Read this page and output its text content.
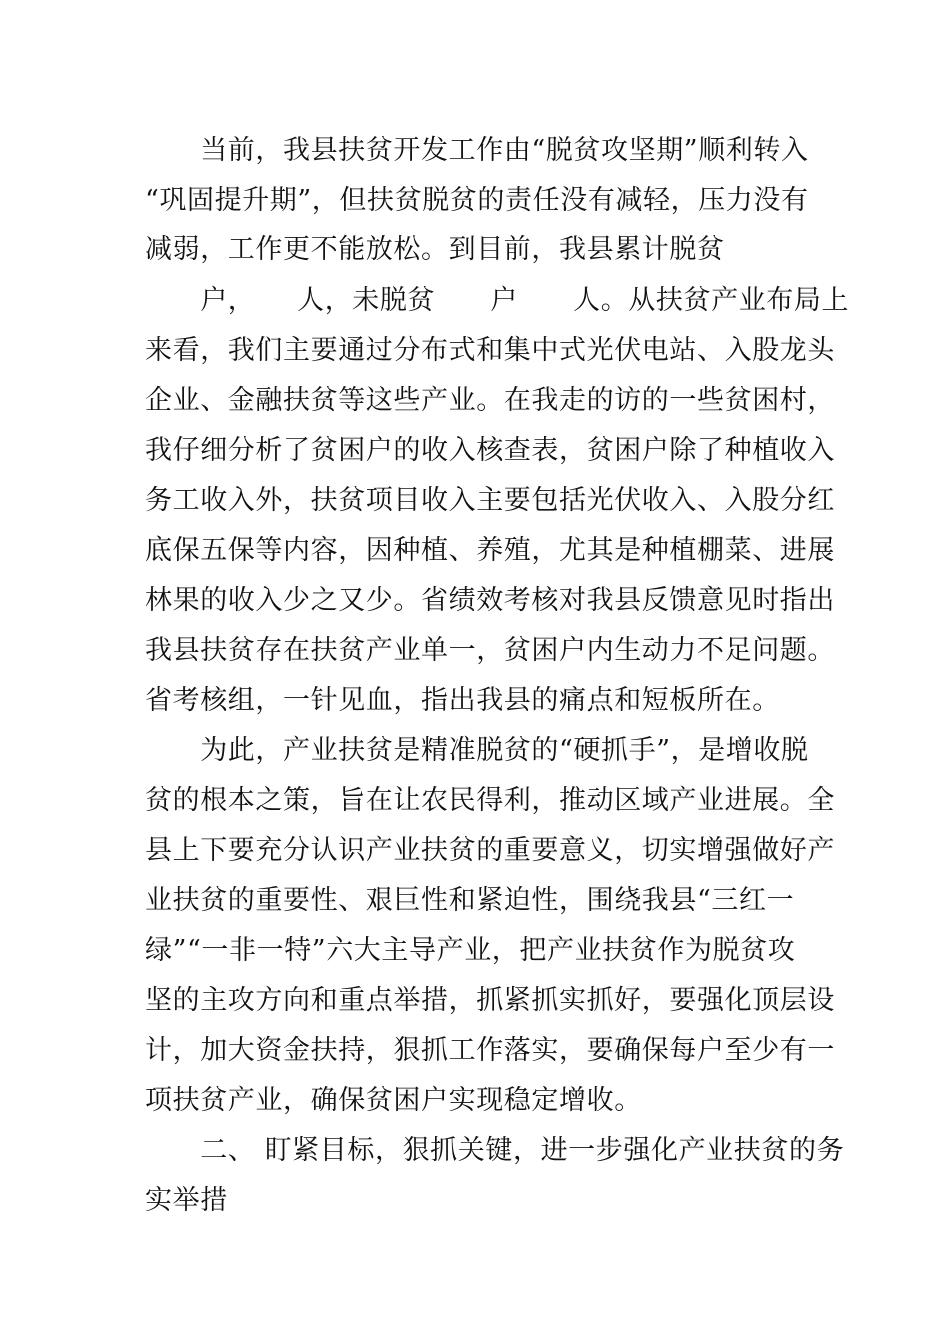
　　当前，我县扶贫开发工作由“脱贫攻坚期”顺利转入
“巩固提升期”，但扶贫脱贫的责任没有减轻，压力没有
减弱，工作更不能放松。到目前，我县累计脱贫
　　户，　　人，未脱贫　　户　　人。从扶贫产业布局上
来看，我们主要通过分布式和集中式光伏电站、入股龙头
企业、金融扶贫等这些产业。在我走的访的一些贫困村，
我仔细分析了贫困户的收入核查表，贫困户除了种植收入
务工收入外，扶贫项目收入主要包括光伏收入、入股分红
底保五保等内容，因种植、养殖，尤其是种植棚菜、进展
林果的收入少之又少。省绩效考核对我县反馈意见时指出
我县扶贫存在扶贫产业单一，贫困户内生动力不足问题。
省考核组，一针见血，指出我县的痛点和短板所在。
　　为此，产业扶贫是精准脱贫的“硬抓手”，是增收脱
贫的根本之策，旨在让农民得利，推动区域产业进展。全
县上下要充分认识产业扶贫的重要意义，切实增强做好产
业扶贫的重要性、艰巨性和紧迫性，围绕我县“三红一
绿”“一非一特”六大主导产业，把产业扶贫作为脱贫攻
坚的主攻方向和重点举措，抓紧抓实抓好，要强化顶层设
计，加大资金扶持，狠抓工作落实，要确保每户至少有一
项扶贫产业，确保贫困户实现稳定增收。
　　二、 盯紧目标，狠抓关键，进一步强化产业扶贫的务
实举措
